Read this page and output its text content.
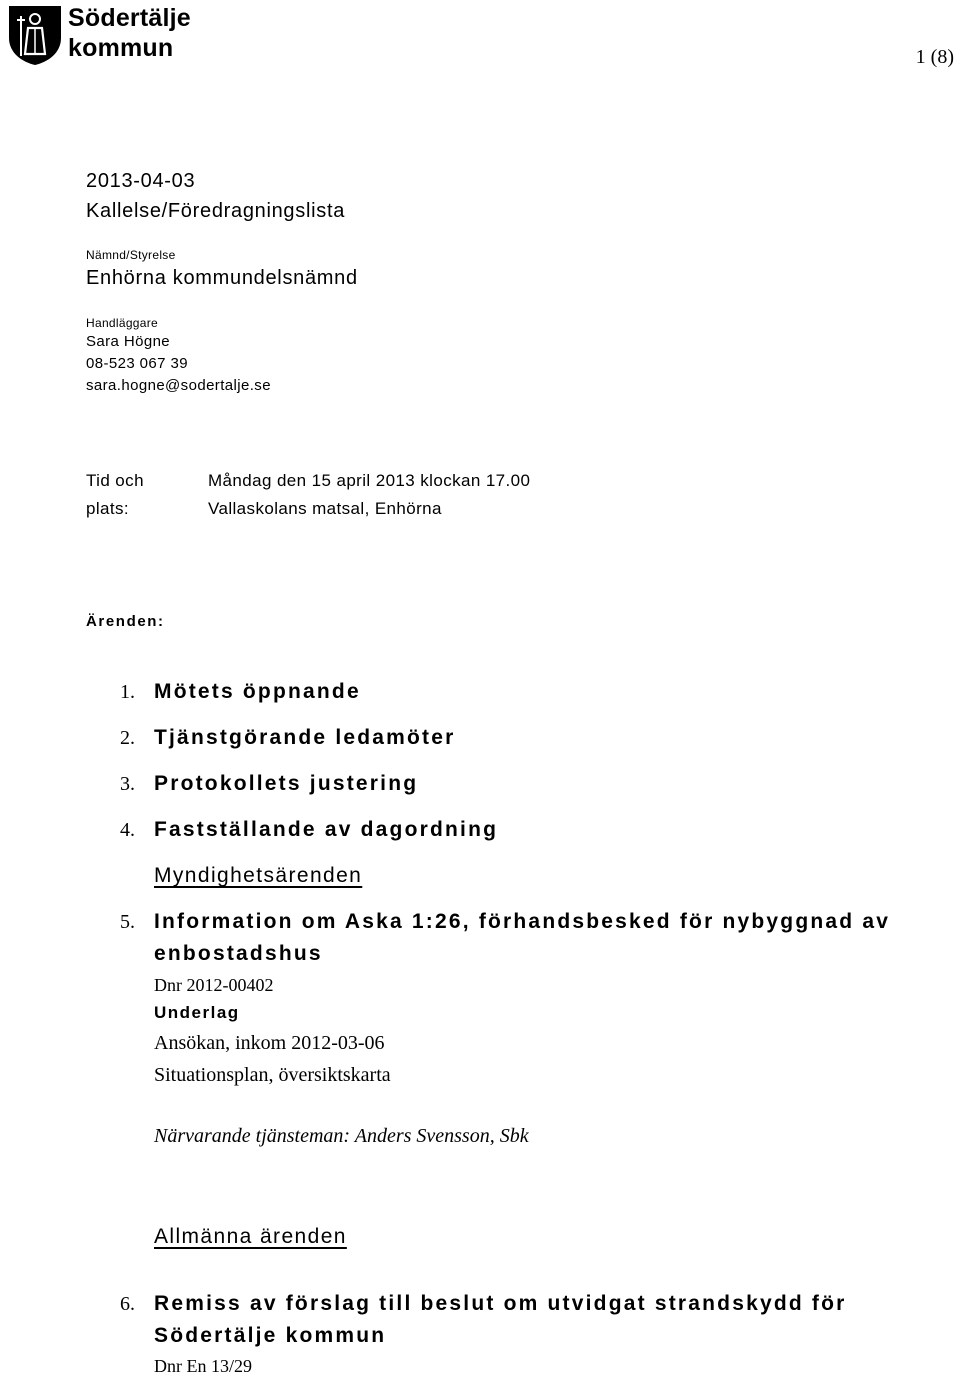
Södertälje
kommun	1 (8)
2013-04-03
Kallelse/Föredragningslista
Nämnd/Styrelse
Enhörna kommundelsnämnd
Handläggare
Sara Högne
08-523 067 39
sara.hogne@sodertalje.se
Tid och
plats:
Måndag den 15 april 2013 klockan 17.00
Vallaskolans matsal, Enhörna
Ärenden:
1. Mötets öppnande
2. Tjänstgörande ledamöter
3. Protokollets justering
4. Fastställande av dagordning
Myndighetsärenden
5. Information om Aska 1:26, förhandsbesked för nybyggnad av
enbostadshus
Dnr 2012-00402
Underlag
Ansökan, inkom 2012-03-06
Situationsplan, översiktskarta
Närvarande tjänsteman: Anders Svensson, Sbk
Allmänna ärenden
6. Remiss av förslag till beslut om utvidgat strandskydd för
Södertälje kommun
Dnr En 13/29
